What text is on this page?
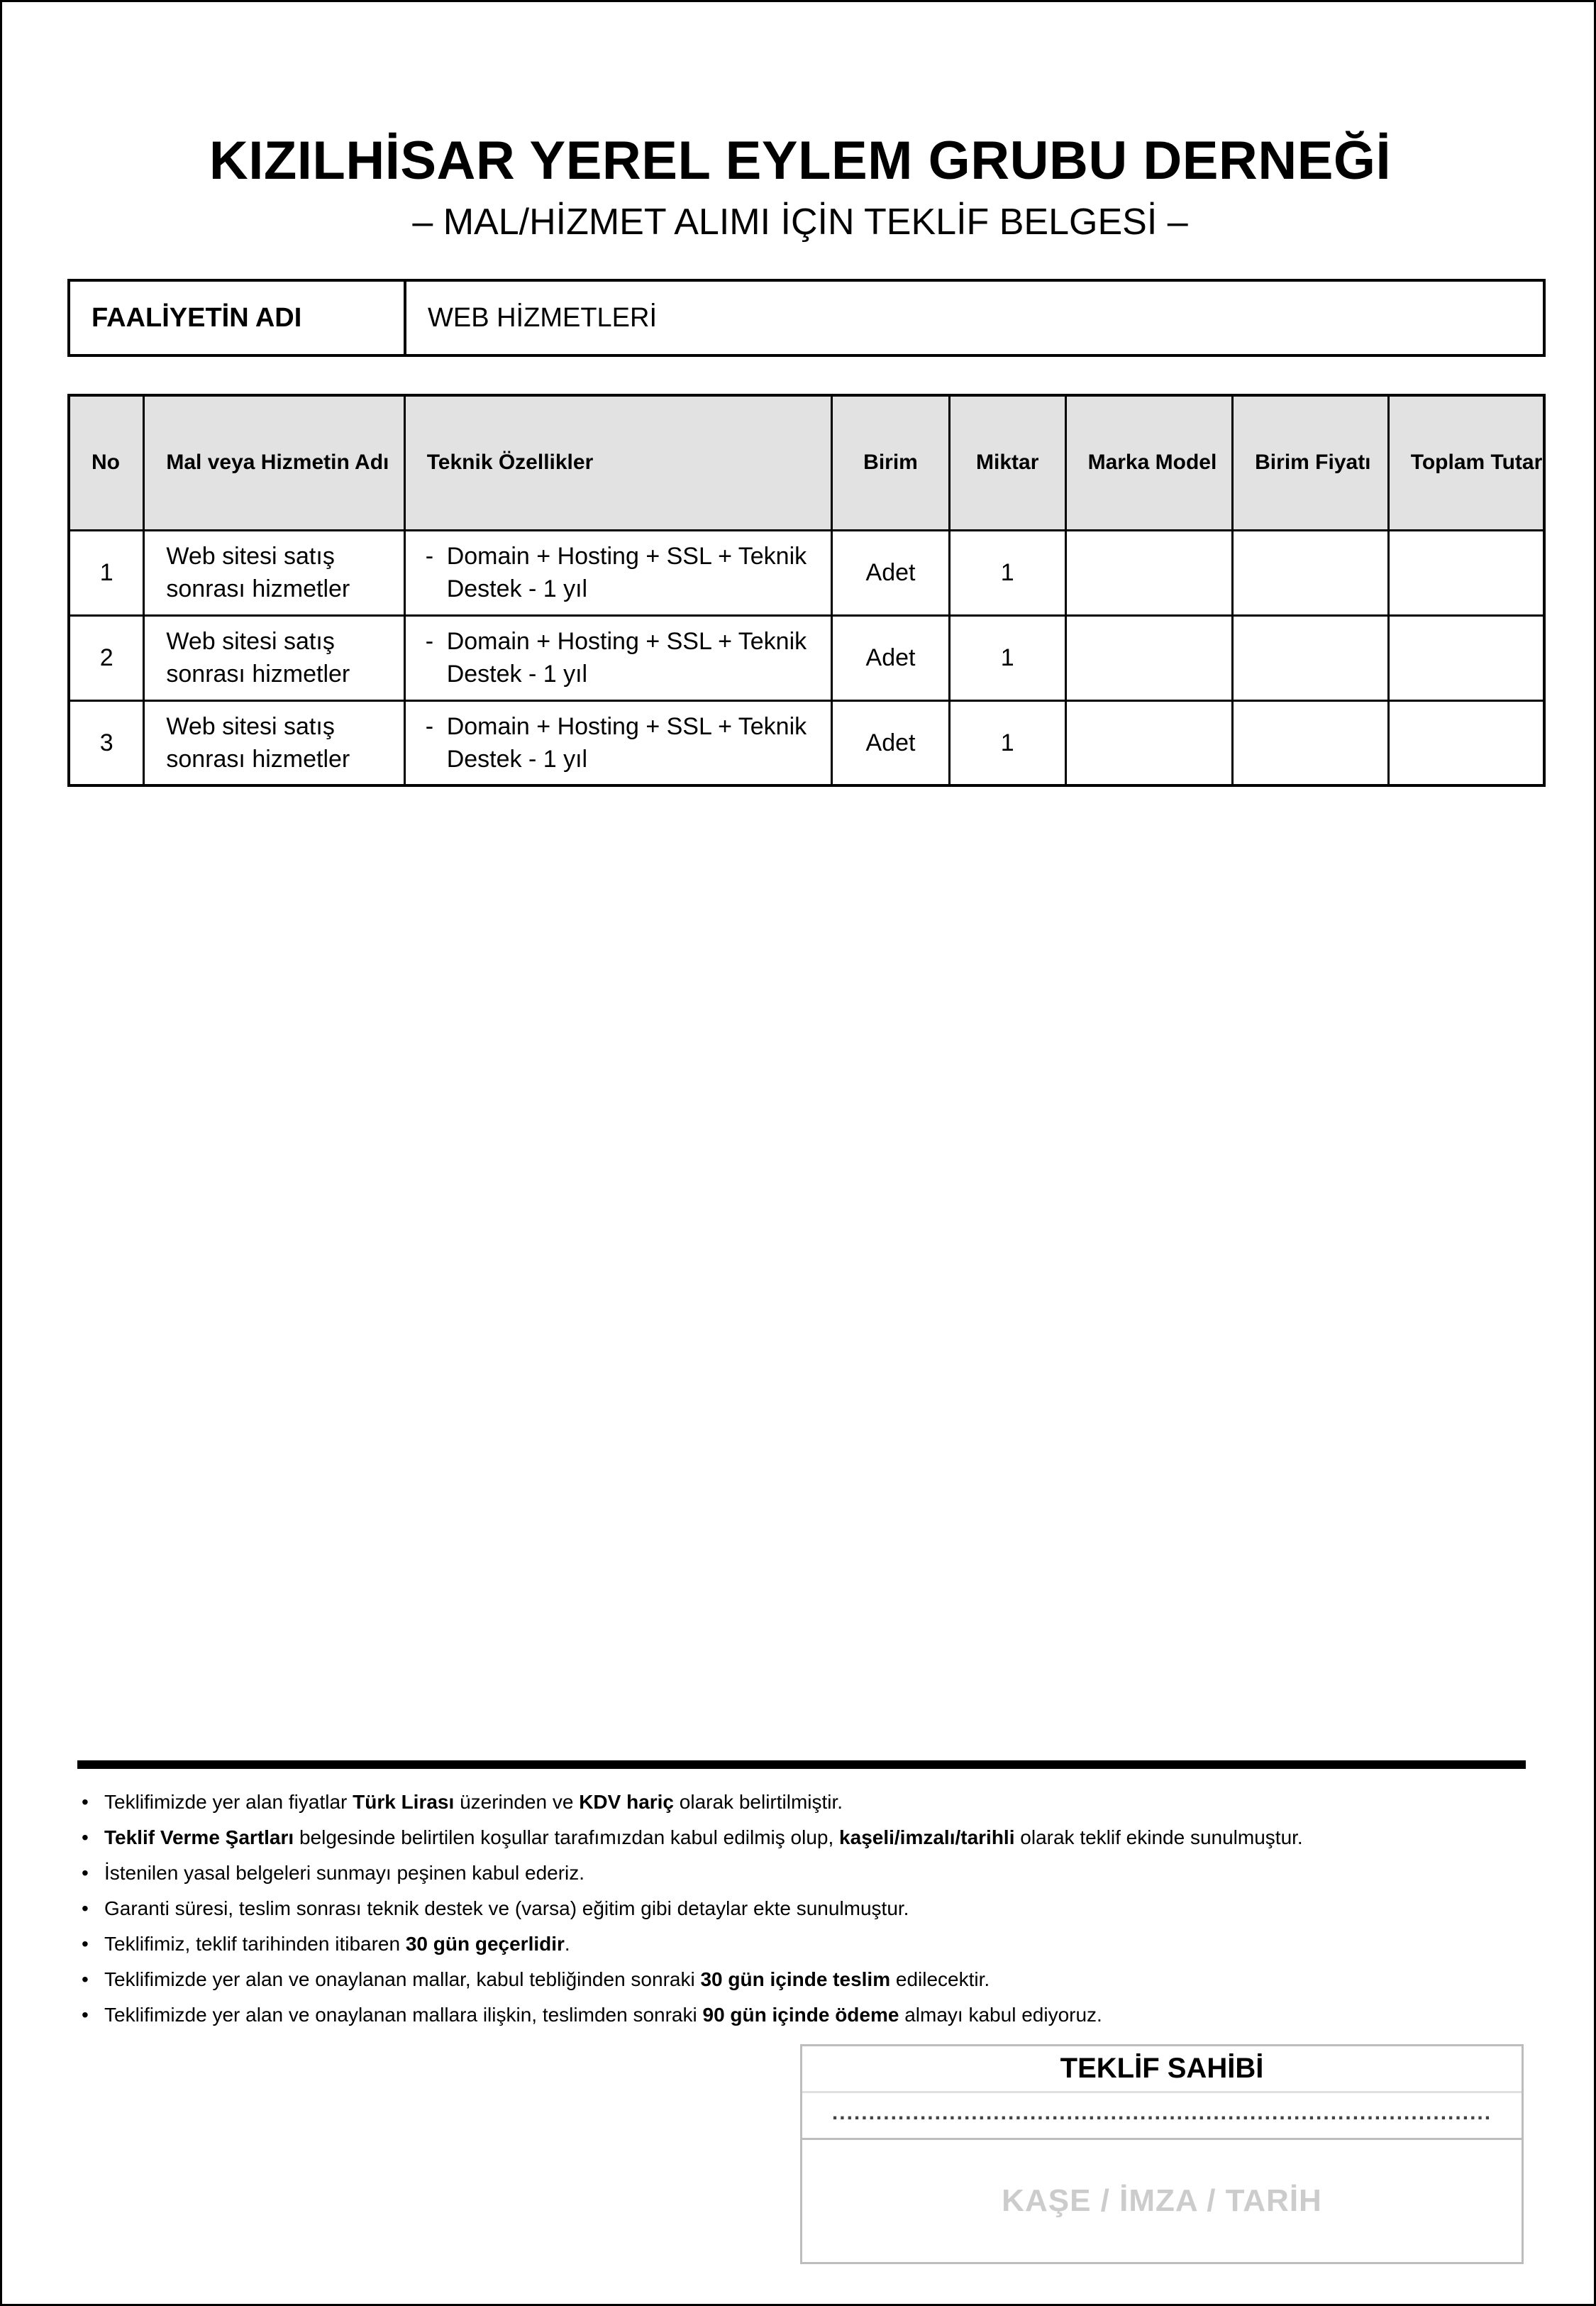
KIZILHİSAR YEREL EYLEM GRUBU DERNEĞİ
– MAL/HİZMET ALIMI İÇİN TEKLİF BELGESİ –
FAALİYETİN ADI	WEB HİZMETLERİ
No	Mal veya Hizmetin Adı	Teknik Özellikler	Birim	Miktar	Marka Model	Birim Fiyatı	Toplam Tutar
1	Web sitesi satış sonrası hizmetler	- Domain + Hosting + SSL + Teknik Destek - 1 yıl	Adet	1			
2	Web sitesi satış sonrası hizmetler	- Domain + Hosting + SSL + Teknik Destek - 1 yıl	Adet	1			
3	Web sitesi satış sonrası hizmetler	- Domain + Hosting + SSL + Teknik Destek - 1 yıl	Adet	1			
• Teklifimizde yer alan fiyatlar Türk Lirası üzerinden ve KDV hariç olarak belirtilmiştir.
• Teklif Verme Şartları belgesinde belirtilen koşullar tarafımızdan kabul edilmiş olup, kaşeli/imzalı/tarihli olarak teklif ekinde sunulmuştur.
• İstenilen yasal belgeleri sunmayı peşinen kabul ederiz.
• Garanti süresi, teslim sonrası teknik destek ve (varsa) eğitim gibi detaylar ekte sunulmuştur.
• Teklifimiz, teklif tarihinden itibaren 30 gün geçerlidir.
• Teklifimizde yer alan ve onaylanan mallar, kabul tebliğinden sonraki 30 gün içinde teslim edilecektir.
• Teklifimizde yer alan ve onaylanan mallara ilişkin, teslimden sonraki 90 gün içinde ödeme almayı kabul ediyoruz.
TEKLİF SAHİBİ
..........................................................................................
KAŞE / İMZA / TARİH
